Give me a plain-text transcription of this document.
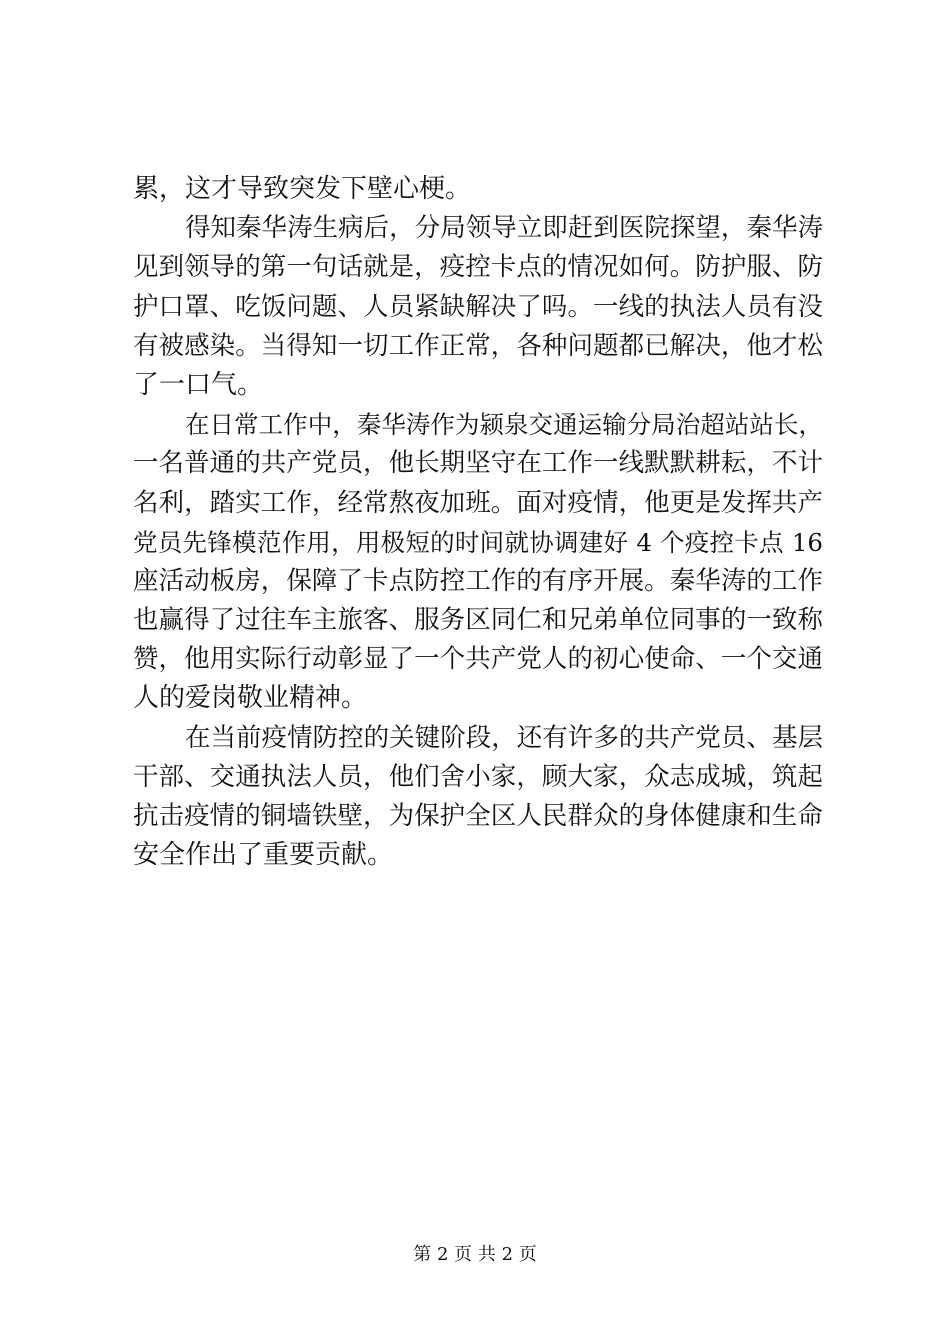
累，这才导致突发下壁心梗。
得知秦华涛生病后，分局领导立即赶到医院探望，秦华涛
见到领导的第一句话就是，疫控卡点的情况如何。防护服、防
护口罩、吃饭问题、人员紧缺解决了吗。一线的执法人员有没
有被感染。当得知一切工作正常，各种问题都已解决，他才松
了一口气。
在日常工作中，秦华涛作为颍泉交通运输分局治超站站长，
一名普通的共产党员，他长期坚守在工作一线默默耕耘，不计
名利，踏实工作，经常熬夜加班。面对疫情，他更是发挥共产
党员先锋模范作用，用极短的时间就协调建好 4 个疫控卡点 16
座活动板房，保障了卡点防控工作的有序开展。秦华涛的工作
也赢得了过往车主旅客、服务区同仁和兄弟单位同事的一致称
赞，他用实际行动彰显了一个共产党人的初心使命、一个交通
人的爱岗敬业精神。
在当前疫情防控的关键阶段，还有许多的共产党员、基层
干部、交通执法人员，他们舍小家，顾大家，众志成城，筑起
抗击疫情的铜墙铁壁，为保护全区人民群众的身体健康和生命
安全作出了重要贡献。
第 2 页 共 2 页
